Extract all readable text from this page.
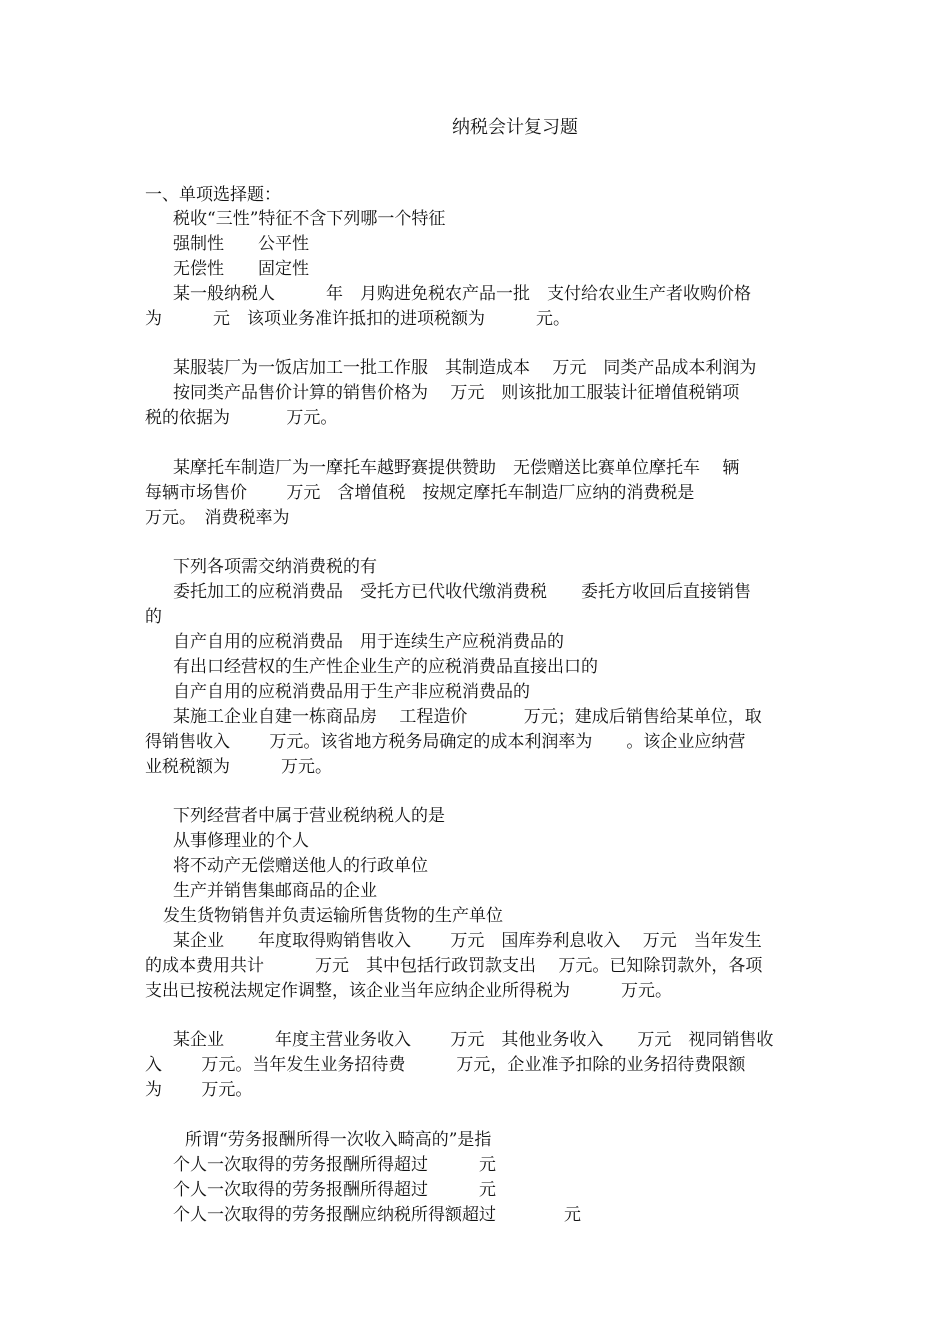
纳税会计复习题
一、单项选择题：
税收“三性”特征不含下列哪一个特征
强制性　　公平性
无偿性　　固定性
某一般纳税人　　　年　月购进免税农产品一批　支付给农业生产者收购价格
为　　　元　该项业务准许抵扣的进项税额为　　　元。
某服装厂为一饭店加工一批工作服　其制造成本　 万元　同类产品成本利润为
按同类产品售价计算的销售价格为　 万元　则该批加工服装计征增值税销项
税的依据为　　　 万元。
某摩托车制造厂为一摩托车越野赛提供赞助　无偿赠送比赛单位摩托车　 辆
每辆市场售价　　 万元　含增值税　按规定摩托车制造厂应纳的消费税是
万元。　消费税率为
下列各项需交纳消费税的有
委托加工的应税消费品　受托方已代收代缴消费税　　委托方收回后直接销售
的
自产自用的应税消费品　用于连续生产应税消费品的
有出口经营权的生产性企业生产的应税消费品直接出口的
自产自用的应税消费品用于生产非应税消费品的
某施工企业自建一栋商品房　 工程造价　　　 万元；建成后销售给某单位，取
得销售收入　　 万元。该省地方税务局确定的成本利润率为　　。该企业应纳营
业税税额为　　　万元。
下列经营者中属于营业税纳税人的是
从事修理业的个人
将不动产无偿赠送他人的行政单位
生产并销售集邮商品的企业
发生货物销售并负责运输所售货物的生产单位
某企业　　年度取得购销售收入　　 万元　国库券利息收入　 万元　当年发生
的成本费用共计　　　万元　其中包括行政罚款支出　 万元。已知除罚款外，各项
支出已按税法规定作调整，该企业当年应纳企业所得税为　　　万元。
某企业　　　年度主营业务收入　　 万元　其他业务收入　　万元　视同销售收
入　　 万元。当年发生业务招待费　　　万元，企业准予扣除的业务招待费限额
为　　 万元。
所谓“劳务报酬所得一次收入畸高的”是指
个人一次取得的劳务报酬所得超过　　　元
个人一次取得的劳务报酬所得超过　　　元
个人一次取得的劳务报酬应纳税所得额超过　　　　元
